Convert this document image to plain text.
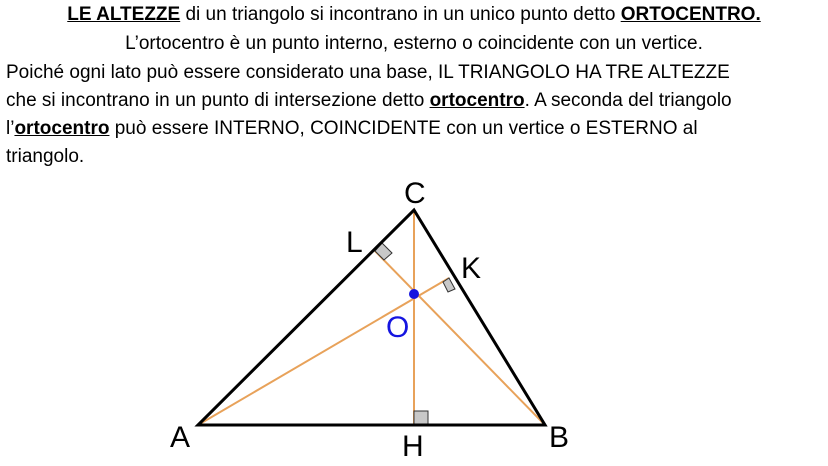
LE ALTEZZE di un triangolo si incontrano in un unico punto detto ORTOCENTRO.
L’ortocentro è un punto interno, esterno o coincidente con un vertice.
Poiché ogni lato può essere considerato una base, IL TRIANGOLO HA TRE ALTEZZE
che si incontrano in un punto di intersezione detto ortocentro. A seconda del triangolo
l’ortocentro può essere INTERNO, COINCIDENTE con un vertice o ESTERNO al
triangolo.
C
L
K
O
A	H	B
